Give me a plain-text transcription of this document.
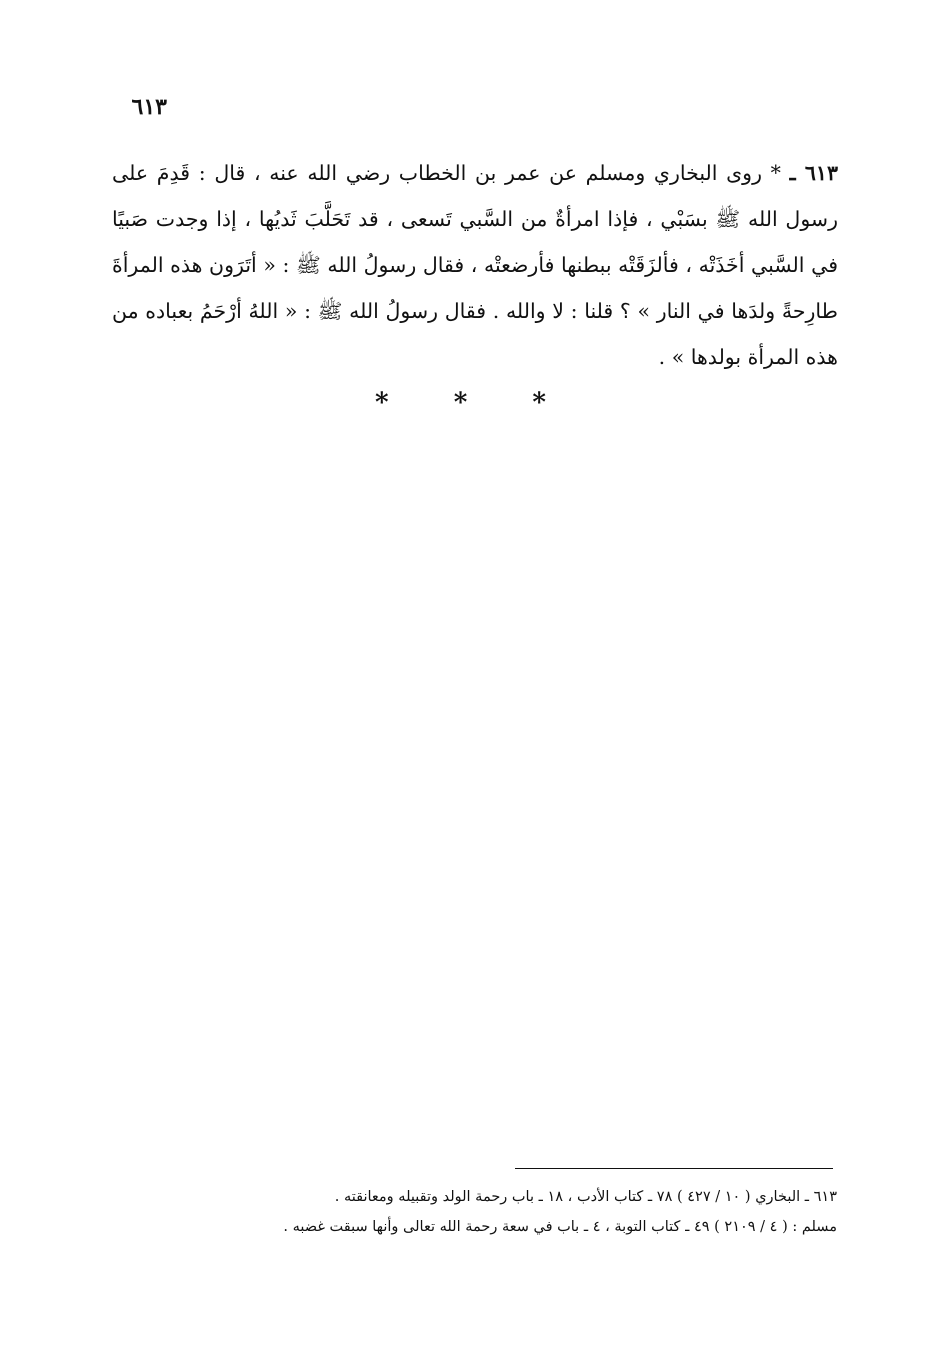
٦١٣

٦١٣ ـ * روى البخاري ومسلم عن عمر بن الخطاب رضي الله عنه ، قال : قَدِمَ على رسول الله ﷺ بسَبْي ، فإذا امرأةٌ من السَّبي تَسعى ، قد تَحَلَّبَ ثَديُها ، إذا وجدت صَبيًا في السَّبي أخَذَتْه ، فألزَقَتْه ببطنها فأرضعتْه ، فقال رسولُ الله ﷺ : « أتَرَون هذه المرأةَ طارِحةً ولدَها في النار » ؟ قلنا : لا والله . فقال رسولُ الله ﷺ : « اللهُ أرْحَمُ بعباده من هذه المرأة بولدها » .

* * *
٦١٣ ـ البخاري ( ١٠ / ٤٢٧ ) ٧٨ ـ كتاب الأدب ، ١٨ ـ باب رحمة الولد وتقبيله ومعانقته .
مسلم : ( ٤ / ٢١٠٩ ) ٤٩ ـ كتاب التوبة ، ٤ ـ باب في سعة رحمة الله تعالى وأنها سبقت غضبه .
